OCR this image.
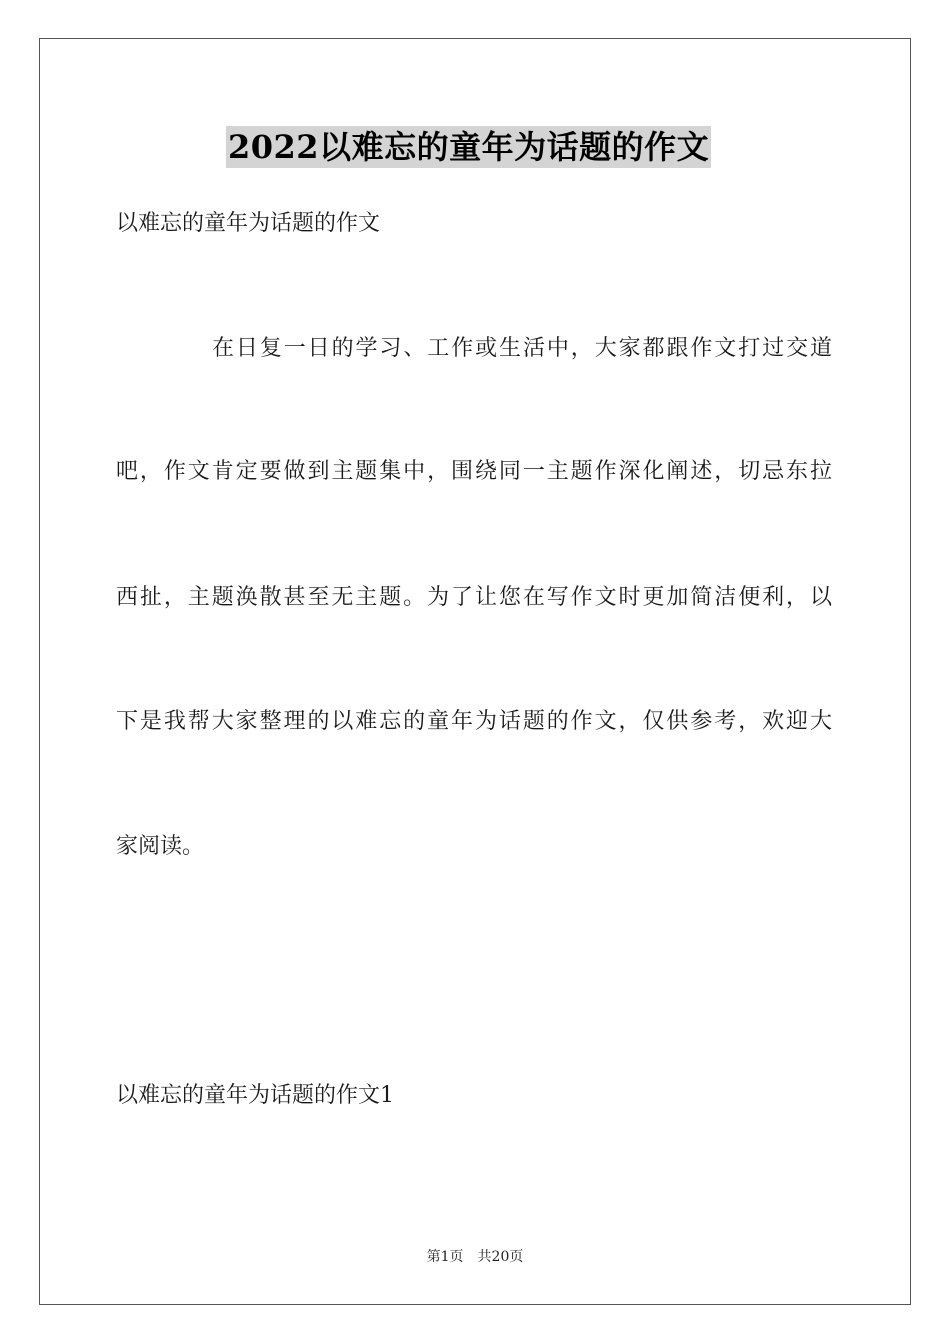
2022以难忘的童年为话题的作文
以难忘的童年为话题的作文
在日复一日的学习、工作或生活中，大家都跟作文打过交道
吧，作文肯定要做到主题集中，围绕同一主题作深化阐述，切忌东拉
西扯，主题涣散甚至无主题。为了让您在写作文时更加简洁便利，以
下是我帮大家整理的以难忘的童年为话题的作文，仅供参考，欢迎大
家阅读。
以难忘的童年为话题的作文1
第1页 共20页
